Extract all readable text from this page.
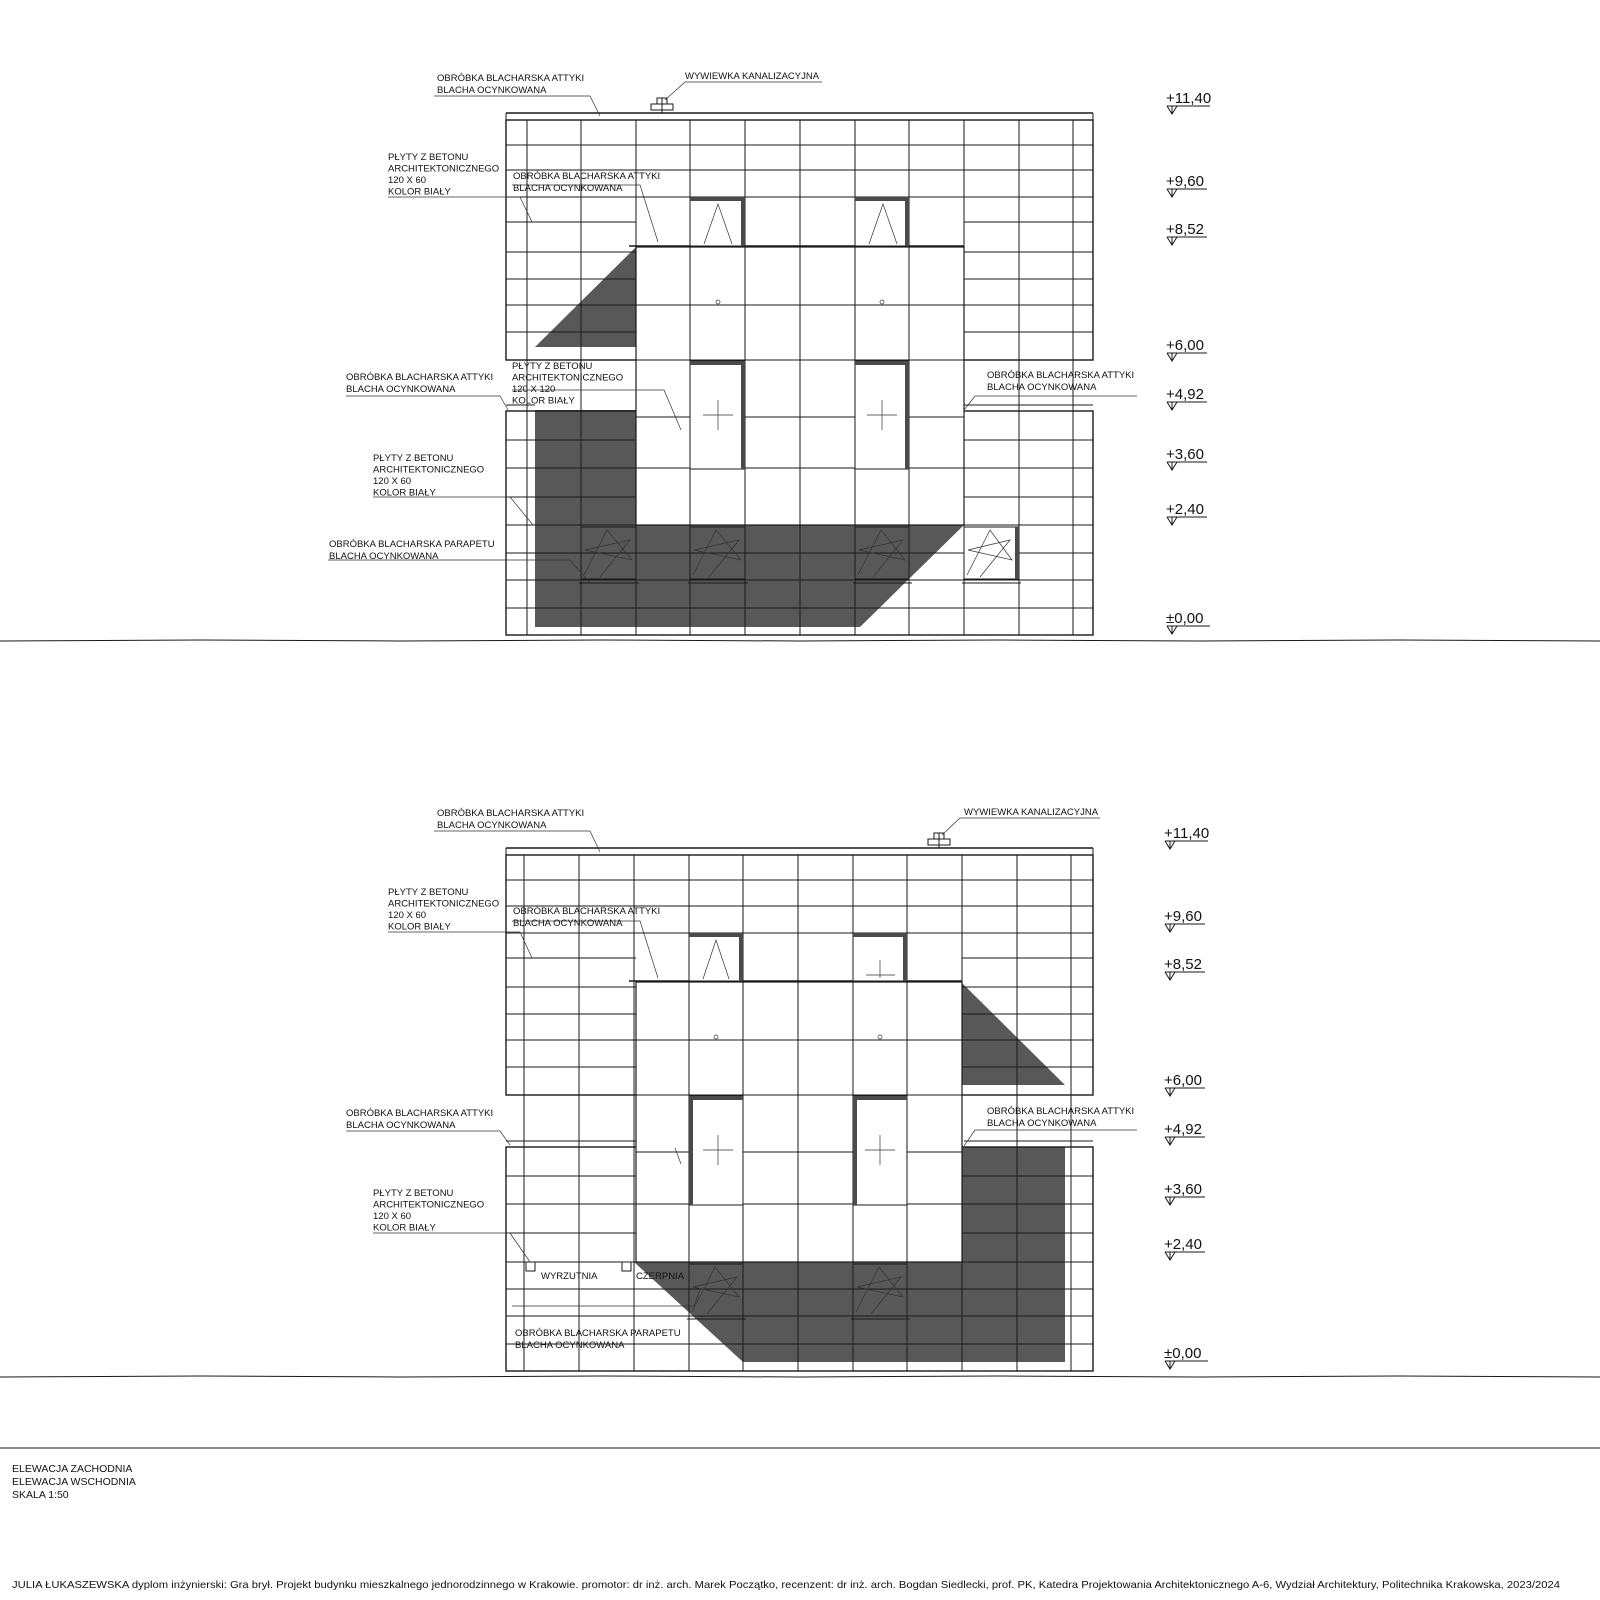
OBRÓBKA BLACHARSKA ATTYKI BLACHA OCYNKOWANA
WYWIEWKA KANALIZACYJNA
PŁYTY Z BETONU ARCHITEKTONICZNEGO 120 X 60 KOLOR BIAŁY
OBRÓBKA BLACHARSKA ATTYKI BLACHA OCYNKOWANA
PŁYTY Z BETONU ARCHITEKTONICZNEGO 120 X 120 KOLOR BIAŁY
OBRÓBKA BLACHARSKA ATTYKI BLACHA OCYNKOWANA
OBRÓBKA BLACHARSKA ATTYKI BLACHA OCYNKOWANA
PŁYTY Z BETONU ARCHITEKTONICZNEGO 120 X 60 KOLOR BIAŁY
OBRÓBKA BLACHARSKA PARAPETU BLACHA OCYNKOWANA
+11,40
+9,60
+8,52
+6,00
+4,92
+3,60
+2,40
±0,00
OBRÓBKA BLACHARSKA ATTYKI BLACHA OCYNKOWANA
WYWIEWKA KANALIZACYJNA
PŁYTY Z BETONU ARCHITEKTONICZNEGO 120 X 60 KOLOR BIAŁY
OBRÓBKA BLACHARSKA ATTYKI BLACHA OCYNKOWANA
OBRÓBKA BLACHARSKA ATTYKI BLACHA OCYNKOWANA
OBRÓBKA BLACHARSKA ATTYKI BLACHA OCYNKOWANA
PŁYTY Z BETONU ARCHITEKTONICZNEGO 120 X 60 KOLOR BIAŁY
WYRZUTNIA	CZERPNIA
OBRÓBKA BLACHARSKA PARAPETU BLACHA OCYNKOWANA
+11,40
+9,60
+8,52
+6,00
+4,92
+3,60
+2,40
±0,00
ELEWACJA ZACHODNIA ELEWACJA WSCHODNIA SKALA 1:50
JULIA ŁUKASZEWSKA dyplom inżynierski: Gra brył. Projekt budynku mieszkalnego jednorodzinnego w Krakowie. promotor: dr inż. arch. Marek Początko, recenzent: dr inż. arch. Bogdan Siedlecki, prof. PK, Katedra Projektowania Architektonicznego A-6, Wydział Architektury, Politechnika Krakowska, 2023/2024
